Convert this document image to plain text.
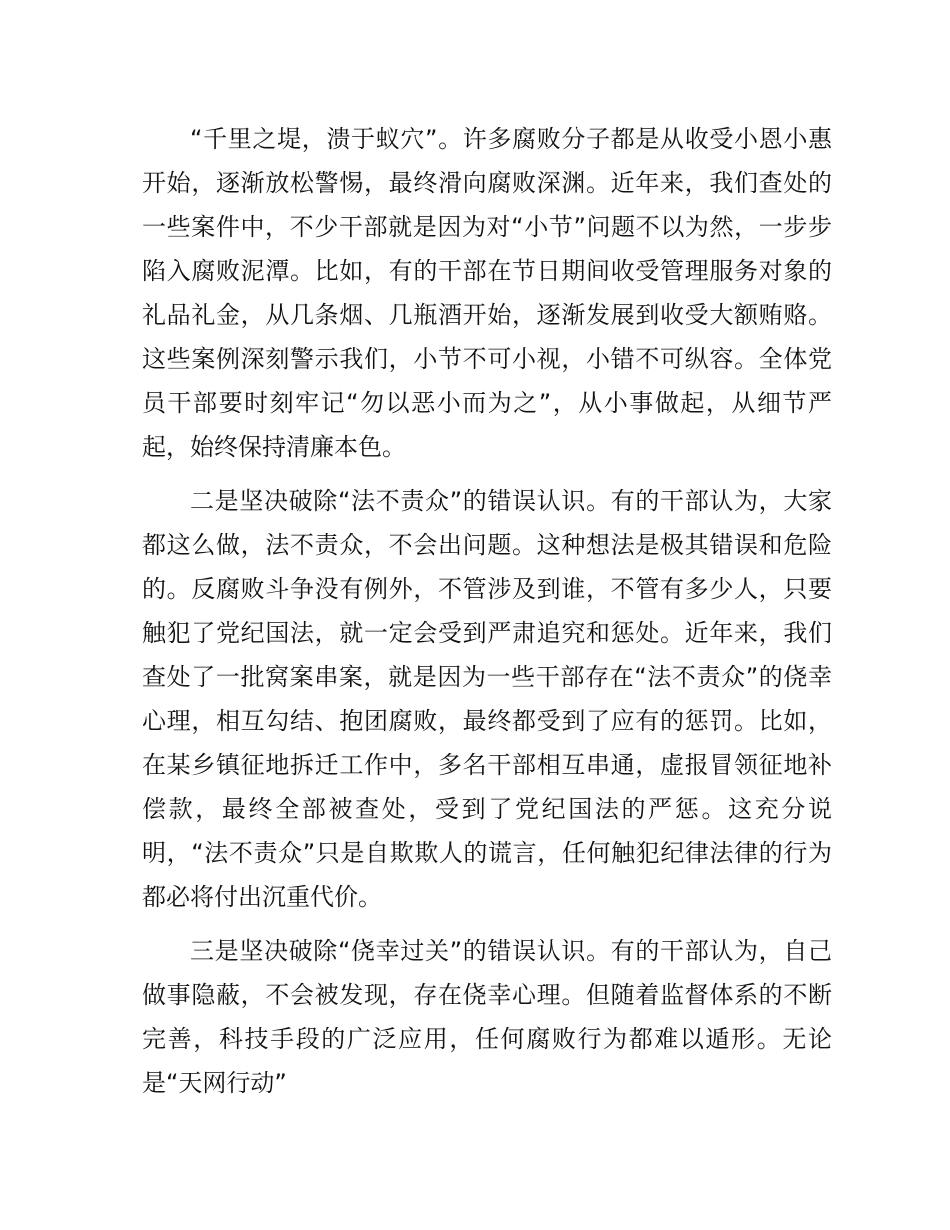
“千里之堤，溃于蚁穴”。许多腐败分子都是从收受小恩小惠开始，逐渐放松警惕，最终滑向腐败深渊。近年来，我们查处的一些案件中，不少干部就是因为对“小节”问题不以为然，一步步陷入腐败泥潭。比如，有的干部在节日期间收受管理服务对象的礼品礼金，从几条烟、几瓶酒开始，逐渐发展到收受大额贿赂。这些案例深刻警示我们，小节不可小视，小错不可纵容。全体党员干部要时刻牢记“勿以恶小而为之”，从小事做起，从细节严起，始终保持清廉本色。

二是坚决破除“法不责众”的错误认识。有的干部认为，大家都这么做，法不责众，不会出问题。这种想法是极其错误和危险的。反腐败斗争没有例外，不管涉及到谁，不管有多少人，只要触犯了党纪国法，就一定会受到严肃追究和惩处。近年来，我们查处了一批窝案串案，就是因为一些干部存在“法不责众”的侥幸心理，相互勾结、抱团腐败，最终都受到了应有的惩罚。比如，在某乡镇征地拆迁工作中，多名干部相互串通，虚报冒领征地补偿款，最终全部被查处，受到了党纪国法的严惩。这充分说明，“法不责众”只是自欺欺人的谎言，任何触犯纪律法律的行为都必将付出沉重代价。

三是坚决破除“侥幸过关”的错误认识。有的干部认为，自己做事隐蔽，不会被发现，存在侥幸心理。但随着监督体系的不断完善，科技手段的广泛应用，任何腐败行为都难以遁形。无论是“天网行动”
